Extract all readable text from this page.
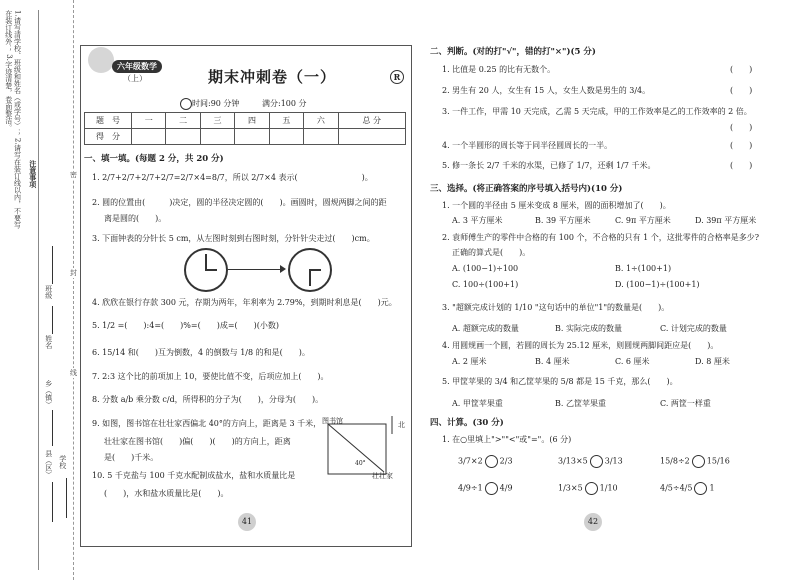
1.请写清学校、班级和姓名（或学号）； 2.请写在装订线以内，不要写在装订线外； 3.字迹清楚，卷面整洁。
注意事项
班级
姓名
乡（镇）
县（区） 学校
密
封
线
六年级数学
（上）	期末冲刺卷（一）	R
时间:90 分钟	满分:100 分
题　号	一	二	三	四	五	六	总 分
得　分							
一、填一填。(每题 2 分，共 20 分)
1. 2/7+2/7+2/7+2/7=2/7×4=8/7，所以 2/7×4 表示(　　　　　　　　)。
2. 圆的位置由(　　　)决定，圆的半径决定圆的(　　)。画圆时，圆规两脚之间的距
离是圆的(　　)。
3. 下面钟表的分针长 5 cm，从左图时刻到右图时刻，分针针尖走过(　　)cm。
4. 欣欣在银行存款 300 元，存期为两年，年利率为 2.79%，到期时利息是(　　)元。
5. 1/2 =(　　):4=(　　)%=(　　)成=(　　)(小数)
6. 15/14 和(　　)互为倒数，4 的倒数与 1/8 的和是(　　)。
7. 2:3 这个比的前项加上 10，要使比值不变，后项应加上(　　)。
8. 分数 a/b 乘分数 c/d，所得积的分子为(　　)，分母为(　　)。
9. 如图，图书馆在壮壮家西偏北 40°的方向上，距离是 3 千米，
壮壮家在图书馆(　　)偏(　　)(　　)的方向上，距离
是(　　)千米。
10. 5 千克盐与 100 千克水配制成盐水，盐和水质量比是
(　　)，水和盐水质量比是(　　)。
图书馆	北
40°
壮壮家
41
二、判断。(对的打"√"，错的打"×")(5 分)
1. 比值是 0.25 的比有无数个。	(　　)
2. 男生有 20 人，女生有 15 人，女生人数是男生的 3/4。	(　　)
3. 一件工作，甲需 10 天完成，乙需 5 天完成，甲的工作效率是乙的工作效率的 2 倍。
(　　)
4. 一个半圆形的周长等于同半径圆周长的一半。	(　　)
5. 修一条长 2/7 千米的水渠，已修了 1/7，还剩 1/7 千米。	(　　)
三、选择。(将正确答案的序号填入括号内)(10 分)
1. 一个圆的半径由 5 厘米变成 8 厘米，圆的面积增加了(　　)。
A. 3 平方厘米	B. 39 平方厘米	C. 9π 平方厘米	D. 39π 平方厘米
2. 袁师傅生产的零件中合格的有 100 个，不合格的只有 1 个，这批零件的合格率是多少?
正确的算式是(　　)。
A. (100−1)÷100	B. 1÷(100+1)
C. 100÷(100+1)	D. (100−1)÷(100+1)
3. "超额完成计划的 1/10 "这句话中的单位"1"的数量是(　　)。
A. 超额完成的数量	B. 实际完成的数量	C. 计划完成的数量
4. 用圆规画一个圆，若圆的周长为 25.12 厘米，则圆规两脚间距应是(　　)。
A. 2 厘米	B. 4 厘米	C. 6 厘米	D. 8 厘米
5. 甲筐苹果的 3/4 和乙筐苹果的 5/8 都是 15 千克，那么(　　)。
A. 甲筐苹果重	B. 乙筐苹果重	C. 两筐一样重
四、计算。(30 分)
1. 在○里填上">""<"或"="。(6 分)
3/7×2 2/3	3/13×5 3/13	15/8÷2 15/16
4/9÷1 4/9	1/3×5 1/10	4/5÷4/5 1
42
